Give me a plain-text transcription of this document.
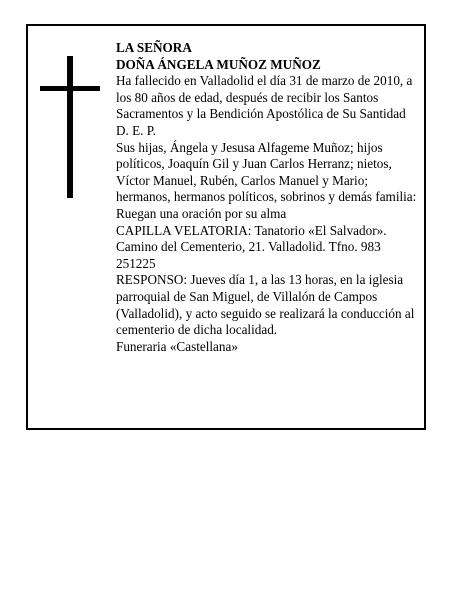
LA SEÑORA

DOÑA ÁNGELA MUÑOZ MUÑOZ

Ha fallecido en Valladolid el día 31 de marzo de 2010, a los 80 años de edad, después de recibir los Santos Sacramentos y la Bendición Apostólica de Su Santidad D. E. P.

Sus hijas, Ángela y Jesusa Alfageme Muñoz; hijos políticos, Joaquín Gil y Juan Carlos Herranz; nietos, Víctor Manuel, Rubén, Carlos Manuel y Mario; hermanos, hermanos políticos, sobrinos y demás familia:

Ruegan una oración por su alma

CAPILLA VELATORIA: Tanatorio «El Salvador». Camino del Cementerio, 21. Valladolid. Tfno. 983 251225

RESPONSO: Jueves día 1, a las 13 horas, en la iglesia parroquial de San Miguel, de Villalón de Campos (Valladolid), y acto seguido se realizará la conducción al cementerio de dicha localidad.

Funeraria «Castellana»
